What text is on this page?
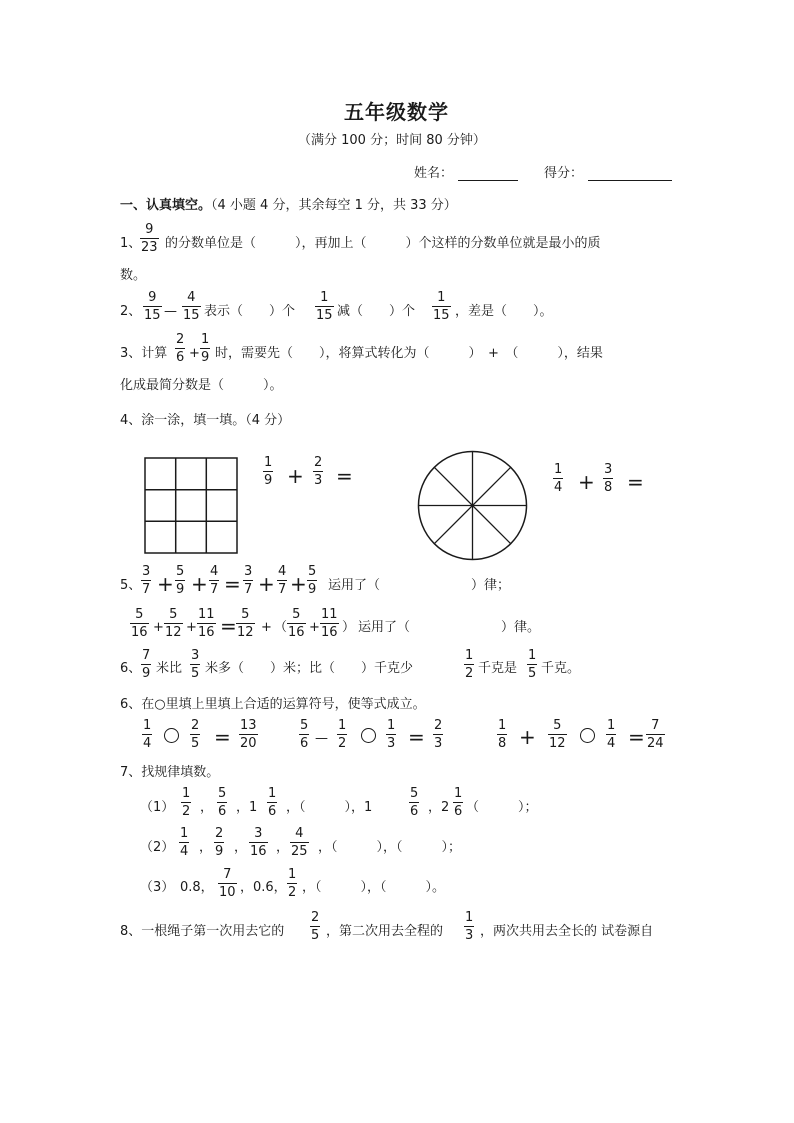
五年级数学
（满分 100 分；时间 80 分钟）
姓名：	得分：
一、认真填空。（4 小题 4 分，其余每空 1 分，共 33 分）
1、
9
23 的分数单位是（　　　），再加上（　　　）个这样的分数单位就是最小的质
数。
2、
9
15 —
4
15 表示（　　）个
1
15 减（　　）个
1
15 ，差是（　　）。
3、计算
2
6 +
1
9 时，需要先（　　），将算式转化为（　　　）　+　（　　　），结果
化成最简分数是（　　　）。
4、涂一涂，填一填。（4 分）
1
9 +
2
3 =	1
4 +
3
8 =
5、
3
7 +
5
9 +
4
7 =
3
7 +
4
7 +
5
9 运用了（　　　　　　　）律；
5
16 +
5
12 +
11
16 = 5
12 + （
5
16 +
11
16 ） 运用了（　　　　　　　）律。
6、
7
9 米比
3
5 米多（　　）米；比（　　）千克少
1
2 千克是
1
5 千克。
6、在○里填上里填上合适的运算符号，使等式成立。
1
4
2
5 = 13
20
5
6 —
1
2
1
3 = 2
3
1
8 +	5
12
1
4 = 7
24
7、找规律填数。
（1）
1
2 ，
5
6 ，1
1
6 ，（　　　），1
5
6 ，2
1
6 （　　　）；
（2）
1
4 ，
2
9 ，
3
16 ，
4
25 ，（　　　），（　　　）；
（3） 0.8，
7
10 ，0.6，
1
2 ，（　　　），（　　　）。
8、一根绳子第一次用去它的
2
5 ，第二次用去全程的
1
3 ，两次共用去全长的 试卷源自
